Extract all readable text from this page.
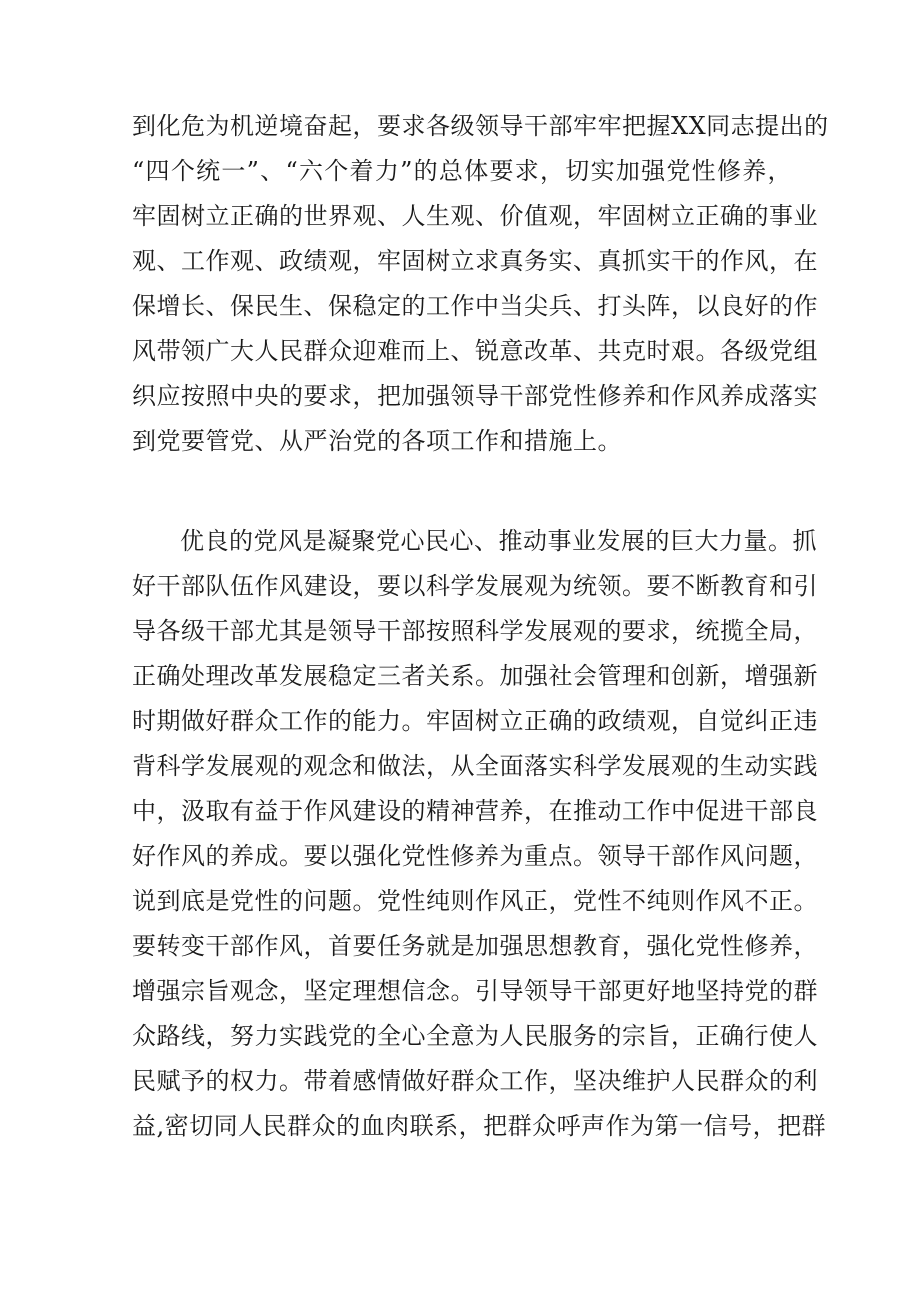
到化危为机逆境奋起，要求各级领导干部牢牢把握XX同志提出的
“四个统一”、“六个着力”的总体要求，切实加强党性修养，
牢固树立正确的世界观、人生观、价值观，牢固树立正确的事业
观、工作观、政绩观，牢固树立求真务实、真抓实干的作风，在
保增长、保民生、保稳定的工作中当尖兵、打头阵，以良好的作
风带领广大人民群众迎难而上、锐意改革、共克时艰。各级党组
织应按照中央的要求，把加强领导干部党性修养和作风养成落实
到党要管党、从严治党的各项工作和措施上。
优良的党风是凝聚党心民心、推动事业发展的巨大力量。抓
好干部队伍作风建设，要以科学发展观为统领。要不断教育和引
导各级干部尤其是领导干部按照科学发展观的要求，统揽全局，
正确处理改革发展稳定三者关系。加强社会管理和创新，增强新
时期做好群众工作的能力。牢固树立正确的政绩观，自觉纠正违
背科学发展观的观念和做法，从全面落实科学发展观的生动实践
中，汲取有益于作风建设的精神营养，在推动工作中促进干部良
好作风的养成。要以强化党性修养为重点。领导干部作风问题，
说到底是党性的问题。党性纯则作风正，党性不纯则作风不正。
要转变干部作风，首要任务就是加强思想教育，强化党性修养，
增强宗旨观念，坚定理想信念。引导领导干部更好地坚持党的群
众路线，努力实践党的全心全意为人民服务的宗旨，正确行使人
民赋予的权力。带着感情做好群众工作，坚决维护人民群众的利
益,密切同人民群众的血肉联系，把群众呼声作为第一信号，把群
